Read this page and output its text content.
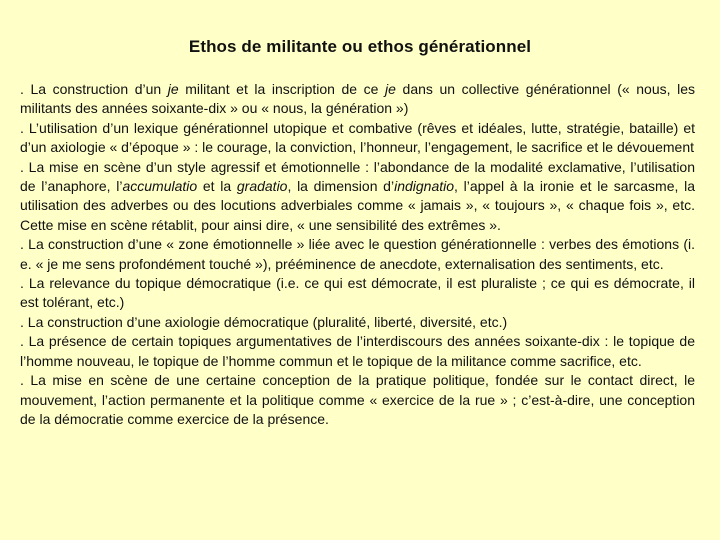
Ethos de militante ou ethos générationnel

. La construction d’un je militant et la inscription de ce je dans un collective générationnel (« nous, les militants des années soixante-dix » ou « nous, la génération »)

. L’utilisation d’un lexique générationnel utopique et combative (rêves et idéales, lutte, stratégie, bataille) et d’un axiologie « d’époque » : le courage, la conviction, l’honneur, l’engagement, le sacrifice et le dévouement

. La mise en scène d’un style agressif et émotionnelle : l’abondance de la modalité exclamative, l’utilisation de l’anaphore, l’accumulatio et la gradatio, la dimension d’indignatio, l’appel à la ironie et le sarcasme, la utilisation des adverbes ou des locutions adverbiales comme « jamais », « toujours », « chaque fois », etc. Cette mise en scène rétablit, pour ainsi dire, « une sensibilité des extrêmes ».

. La construction d’une « zone émotionnelle » liée avec le question générationnelle : verbes des émotions (i. e. « je me sens profondément touché »), prééminence de anecdote, externalisation des sentiments, etc.

. La relevance du topique démocratique (i.e. ce qui est démocrate, il est pluraliste ; ce qui es démocrate, il est tolérant, etc.)

. La construction d’une axiologie démocratique (pluralité, liberté, diversité, etc.)

. La présence de certain topiques argumentatives de l’interdiscours des années soixante-dix : le topique de l’homme nouveau, le topique de l’homme commun et le topique de la militance comme sacrifice, etc.

. La mise en scène de une certaine conception de la pratique politique, fondée sur le contact direct, le mouvement, l’action permanente et la politique comme « exercice de la rue » ; c’est-à-dire, une conception de la démocratie comme exercice de la présence.
